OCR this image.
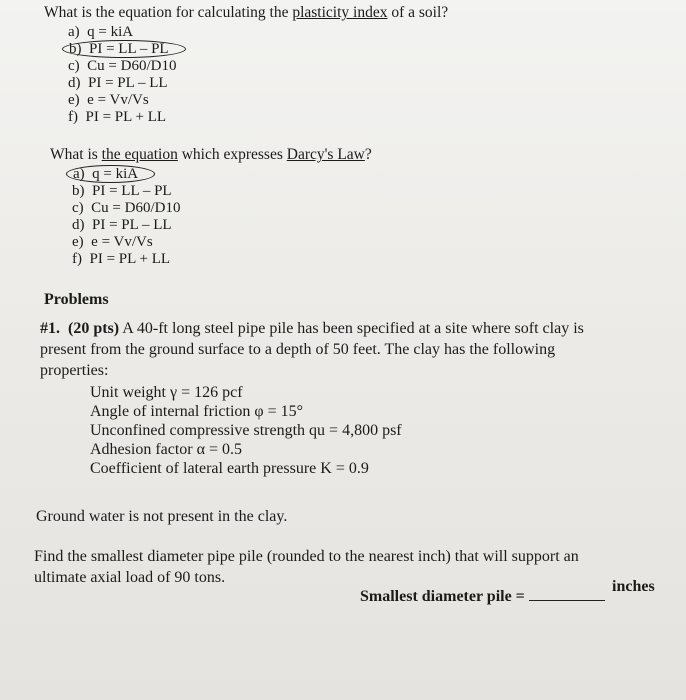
What is the equation for calculating the plasticity index of a soil?
a) q = kiA
b) PI = LL – PL
c) Cu = D60/D10
d) PI = PL – LL
e) e = Vv/Vs
f) PI = PL + LL
What is the equation which expresses Darcy's Law?
a) q = kiA
b) PI = LL – PL
c) Cu = D60/D10
d) PI = PL – LL
e) e = Vv/Vs
f) PI = PL + LL
Problems
#1. (20 pts) A 40-ft long steel pipe pile has been specified at a site where soft clay is
present from the ground surface to a depth of 50 feet. The clay has the following
properties:
Unit weight γ = 126 pcf
Angle of internal friction φ = 15°
Unconfined compressive strength qu = 4,800 psf
Adhesion factor α = 0.5
Coefficient of lateral earth pressure K = 0.9
Ground water is not present in the clay.
Find the smallest diameter pipe pile (rounded to the nearest inch) that will support an
ultimate axial load of 90 tons.
Smallest diameter pile =
inches
